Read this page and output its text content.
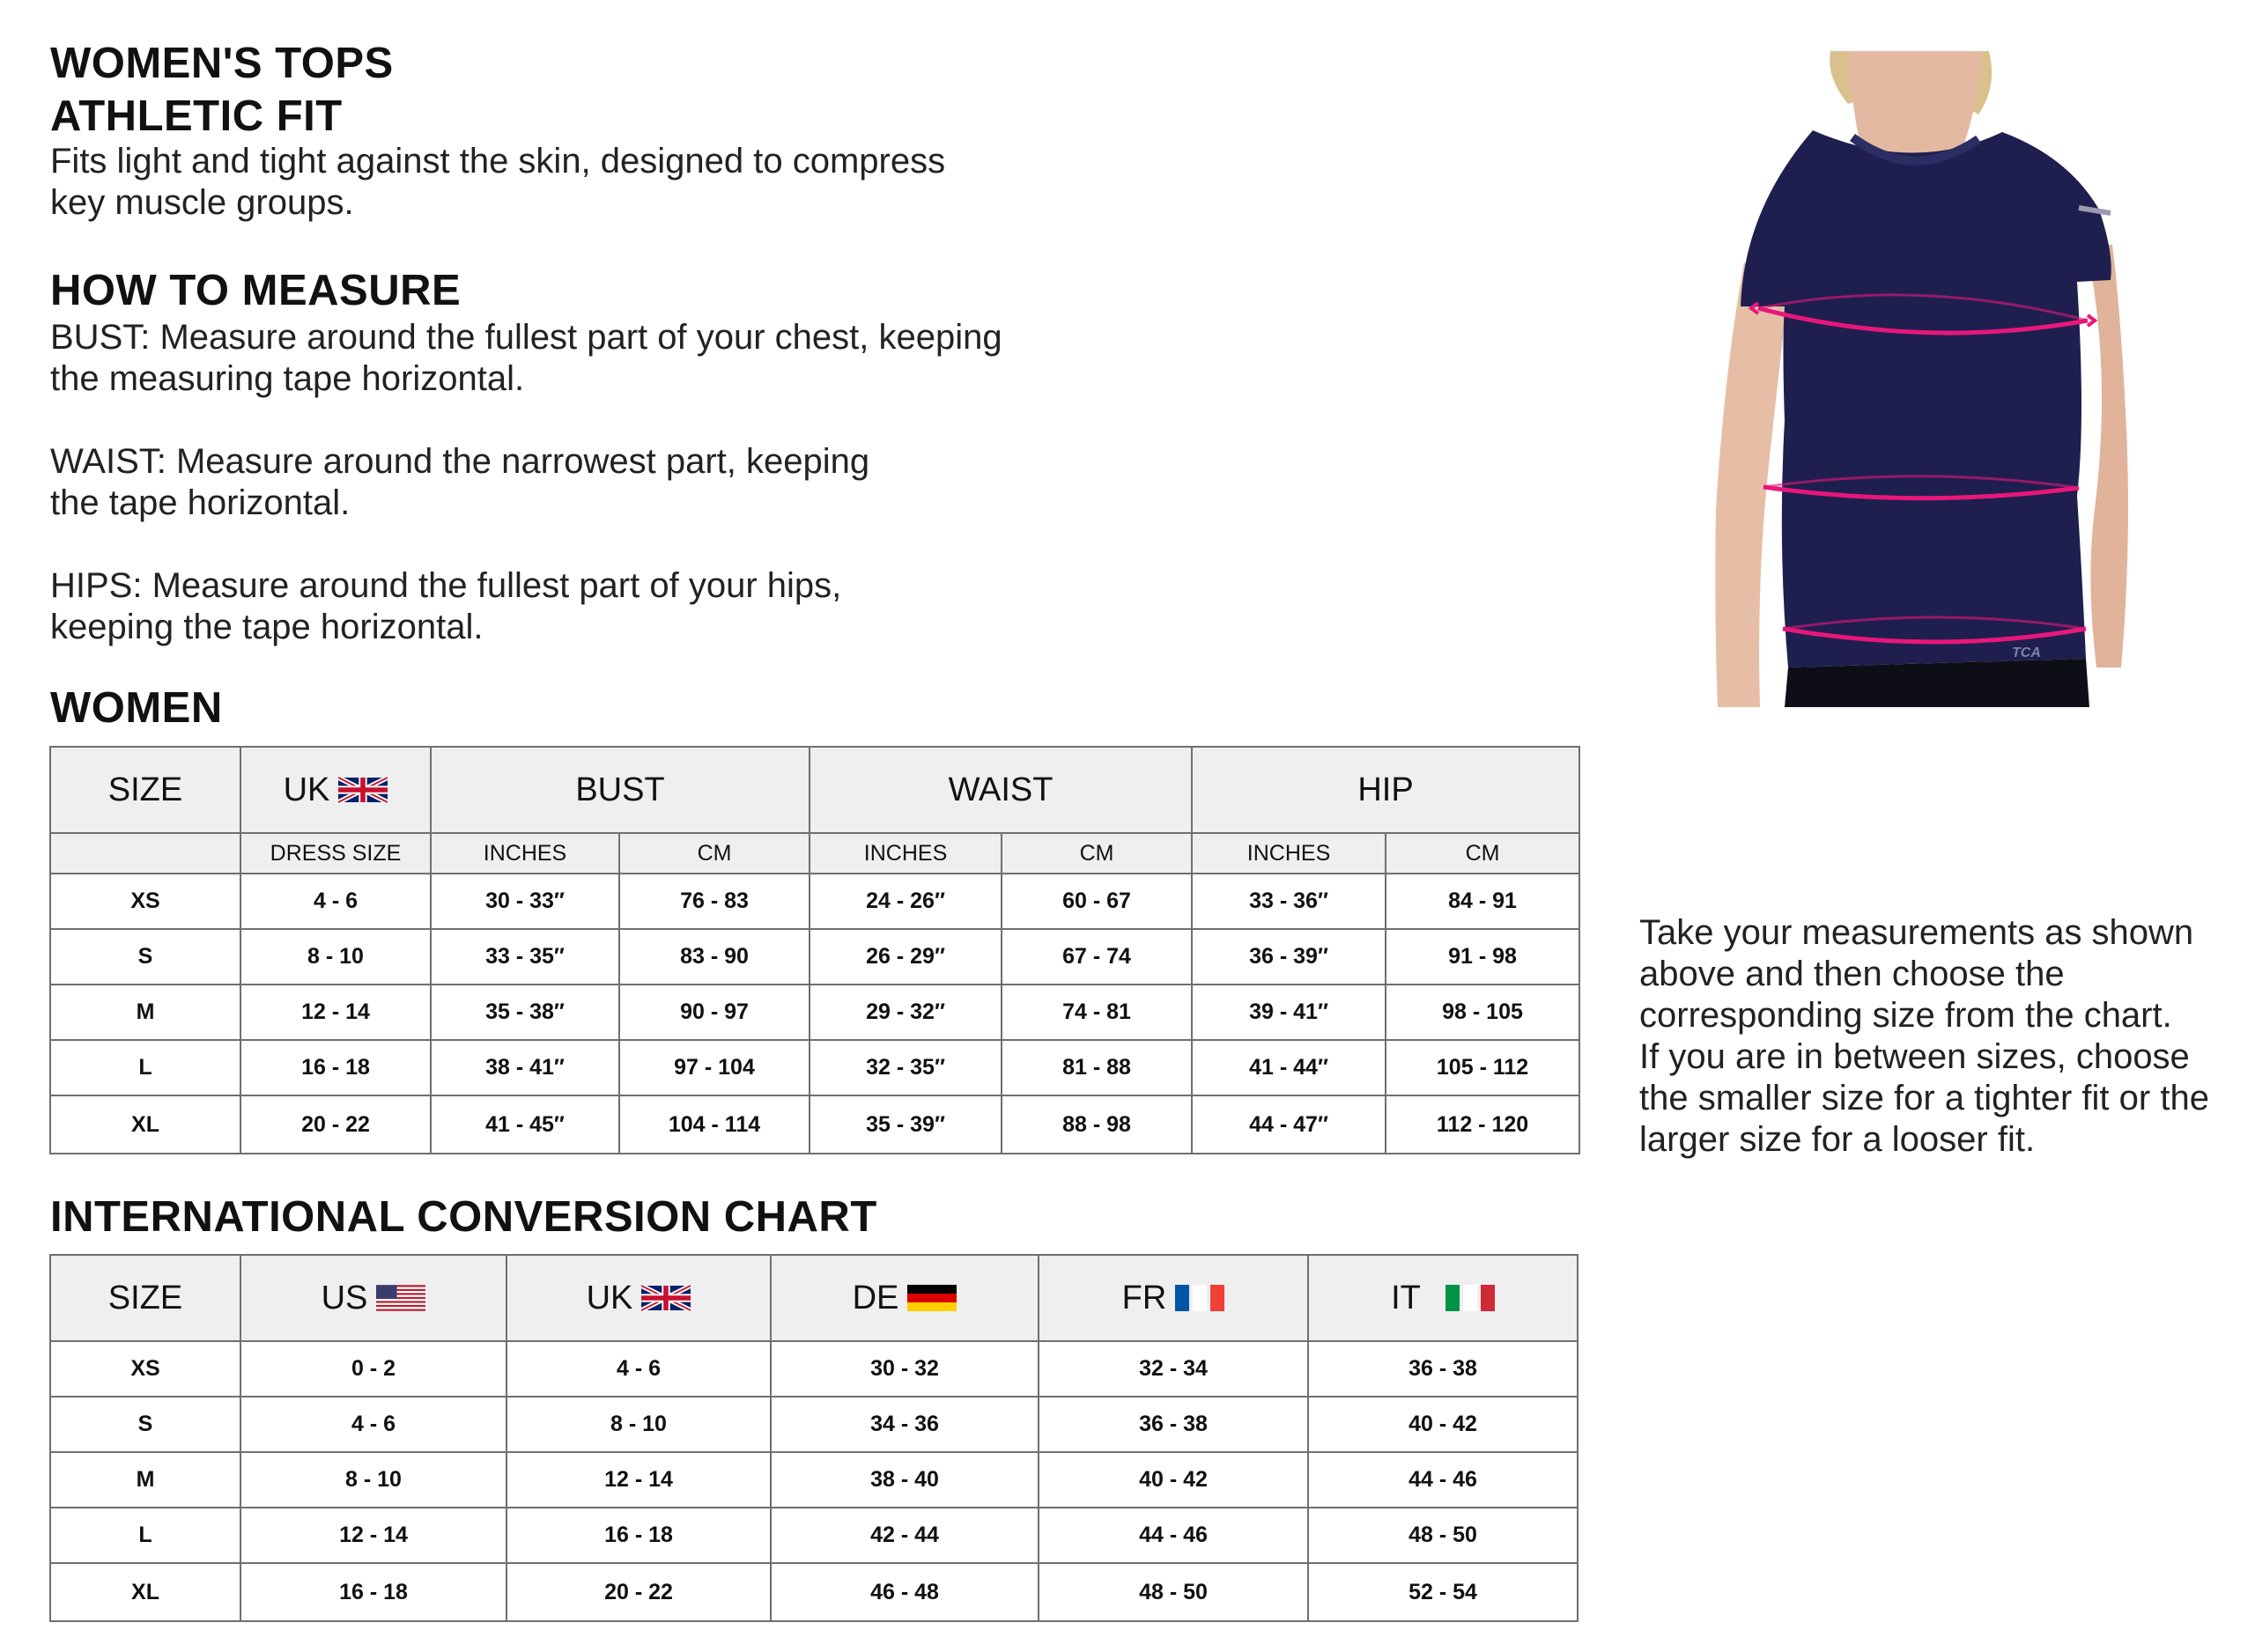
WOMEN'S TOPS
ATHLETIC FIT
Fits light and tight against the skin, designed to compress
key muscle groups.
HOW TO MEASURE
BUST: Measure around the fullest part of your chest, keeping
the measuring tape horizontal.
WAIST: Measure around the narrowest part, keeping
the tape horizontal.
HIPS: Measure around the fullest part of your hips,
keeping the tape horizontal.
Take your measurements as shown
above and then choose the
corresponding size from the chart.
If you are in between sizes, choose
the smaller size for a tighter fit or the
larger size for a looser fit.
TCA
WOMEN
SIZE	UK	BUST		WAIST		HIP	
	DRESS SIZE	INCHES	CM	INCHES	CM	INCHES	CM
XS	4 - 6	30 - 33″	76 - 83	24 - 26″	60 - 67	33 - 36″	84 - 91
S	8 - 10	33 - 35″	83 - 90	26 - 29″	67 - 74	36 - 39″	91 - 98
M	12 - 14	35 - 38″	90 - 97	29 - 32″	74 - 81	39 - 41″	98 - 105
L	16 - 18	38 - 41″	97 - 104	32 - 35″	81 - 88	41 - 44″	105 - 112
XL	20 - 22	41 - 45″	104 - 114	35 - 39″	88 - 98	44 - 47″	112 - 120
INTERNATIONAL CONVERSION CHART
SIZE	US	UK	DE	FR	IT

XS	0 - 2	4 - 6	30 - 32	32 - 34	36 - 38
S	4 - 6	8 - 10	34 - 36	36 - 38	40 - 42
M	8 - 10	12 - 14	38 - 40	40 - 42	44 - 46
L	12 - 14	16 - 18	42 - 44	44 - 46	48 - 50
XL	16 - 18	20 - 22	46 - 48	48 - 50	52 - 54
